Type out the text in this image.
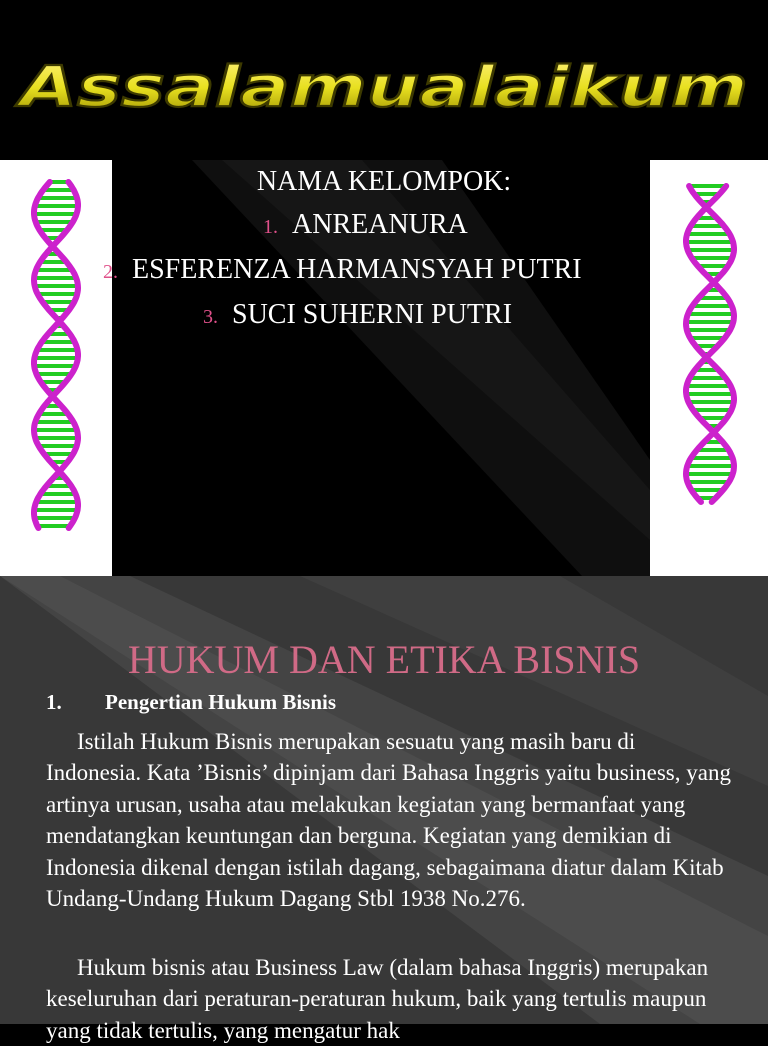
Assalamualaikum
NAMA KELOMPOK:
1. ANREANURA
2. ESFERENZA HARMANSYAH PUTRI
3. SUCI SUHERNI PUTRI
HUKUM DAN ETIKA BISNIS
1. Pengertian Hukum Bisnis

Istilah Hukum Bisnis merupakan sesuatu yang masih baru di Indonesia. Kata ’Bisnis’ dipinjam dari Bahasa Inggris yaitu business, yang artinya urusan, usaha atau melakukan kegiatan yang bermanfaat yang mendatangkan keuntungan dan berguna. Kegiatan yang demikian di Indonesia dikenal dengan istilah dagang, sebagaimana diatur dalam Kitab Undang-Undang Hukum Dagang Stbl 1938 No.276.

Hukum bisnis atau Business Law (dalam bahasa Inggris) merupakan keseluruhan dari peraturan-peraturan hukum, baik yang tertulis maupun yang tidak tertulis, yang mengatur hak
